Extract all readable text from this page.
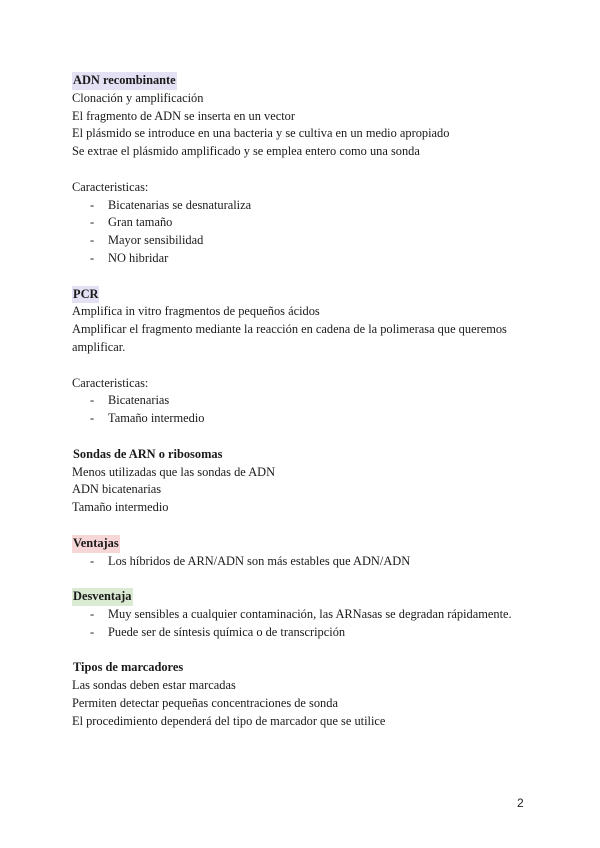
ADN recombinante
Clonación y amplificación
El fragmento de ADN se inserta en un vector
El plásmido se introduce en una bacteria y se cultiva en un medio apropiado
Se extrae el plásmido amplificado y se emplea entero como una sonda
Caracteristicas:
- Bicatenarias se desnaturaliza
- Gran tamaño
- Mayor sensibilidad
- NO hibridar
PCR
Amplifica in vitro fragmentos de pequeños ácidos
Amplificar el fragmento mediante la reacción en cadena de la polimerasa que queremos amplificar.
Caracteristicas:
- Bicatenarias
- Tamaño intermedio
Sondas de ARN o ribosomas
Menos utilizadas que las sondas de ADN
ADN bicatenarias
Tamaño intermedio
Ventajas
- Los híbridos de ARN/ADN son más estables que ADN/ADN
Desventaja
- Muy sensibles a cualquier contaminación, las ARNasas se degradan rápidamente.
- Puede ser de síntesis química o de transcripción
Tipos de marcadores
Las sondas deben estar marcadas
Permiten detectar pequeñas concentraciones de sonda
El procedimiento dependerá del tipo de marcador que se utilice
2
